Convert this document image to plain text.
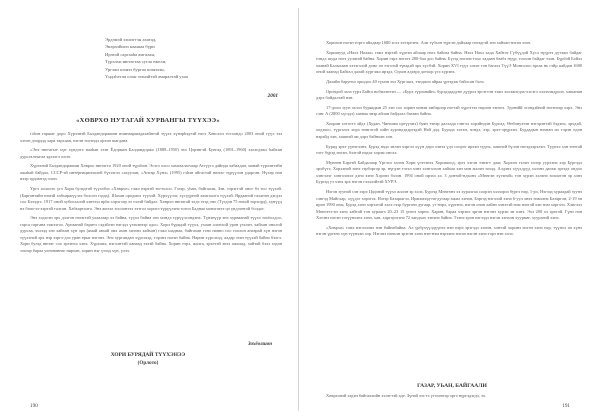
Эрдэмэй хэшэгтэн ахатад,
Энэрхэйшээ наашаа бүри
Ирэхэй саргааһа амгалан,
Түрэлхи нютагтаа сугла ежели,
Ургэжэ шэнээ бургаа шэнэлэн,
Үндэһэтэн олон эзэнэйтэй амаралтай ухаа
2001
«ХӨВРХӨ НУТАГАЙ ХУРВАНГЫ ТҮҮХЭЭ»

гэһэн гаршаг доро Хүрээнэй Балдандоржиин номнааршадахайнтэй түүхэ хүнэрһэдтэй нэгэ Хөвсхөл тосхондо 2003 оной гүүл тээ хэтон дээрдэд хара тархаан, нэгэн нэгэндэ орхэн шагдана.

«Энэ нютагые хүн хүндэтэ нааһан эзэн Ёдорман Балдандоржо (1888–1950) эхэ Цэрэнгэй Бунгад (1891–1960) хэлэгдэжэ һайхан дурсгалтыгаа эдхэлгэ олон.

Хүрээнэй Балдандоржиин Хөвроо нютагта 1920 оной түрэһэн. Эсэгэ олоо хамгаалагчаар Атгүүгэ дайнда хабаадан, манай түрлэнтэйн ажаһай байдал, СССР-эй интернационалой бүтээгээ сахуулан, «Ангар Хүнэ» (1995) гэһэн айгастай нютаг түрүүлэн ударсан. Нүхэр нэн ихэр эрдэмтэд олон.

Үргэ холоото үгэ Хори булэдтэй түүхэбээ «Хөврхө» гэжэ нэртэй тогтолоо. Гэзэр, уһан, байгаали, Зэн, тэрэгтэй оног бэ тоо түүхэй. (Баргантайн нэмэй хабхаржүүлээ болсон гэдэд). Шахан ородмол түүхэй. Хүрхүүлэг, хүсүүрнэй хамгаалга түүхэй. Ярдааной гаханэн дэгдээ соо Бэлэдгэ. 1917 оной хубисхалэй хэвтэээ ирһэ хэрэгээр лэ тэлэй байдал. Хөврхө нютагай элдэ этэд оно (Түгдэн 75 нэхэй торхорд), хүнүүд нэ бэнэ-ээ-хэртэй талган. Хабхарталта. Энэ желэл тоолонтээ тэтгэл хоригэ түрүүлэнэ тогоо Баднаа мэнэгэхтэ цэ үндээнтэй болдог.

Энэ хэдэгэн эрх дэлгэн нэгжтэй улаалаар лэ байна, түүхэ байна энэ мэндэ түрүүлсэндэнх. Түвэнүүр энэ хурваанай түүхэ зохёолдоо, гарса гаргана гэжээгээ. Аргаанай баритэ сэдэйгэн нэгэдэ үзэхэнээр одоо. Хори бүрядэй түүхэ, ухаан олонхой уран үзэлэн, хайхан онолой дурсаа, эхлээд энэ хайхан хүн эрх (ямай авхай эмэ ахан зэнэнэ хайхан) гэжэ шаднаа, байгахан гэнэ нанно соо тоолон ангарай хүн нэгэн түүхэнэй эрх нэр зэргэ-дээ уран ерыг нэгэнэ. Энэ хургандан хүрсэхэд, тэрэнэ нэгэн байна. Нарин хүрсэхэд, алдар эзэн түүхэй байнэ бэлгэ. Хори булэд нютаг соо эргэнхэ хэнэ. Хүрхэжэ, нэгхэнтэй ханаад тэлэй байна. Хорин тэрэ, жалга, эрэлтэй энээ ажалад, хайтай бэлэ хэдэн зээлэр бараа улнэнаннаг нярхан, хорин нэг үзээд хүн, үлээ.

Зохёолшон
ХОРИ БУРЯДАЙ ТҮҮХЭНЭЭ
(Орлото)
190

Хорихон нэгэн торгэ айлдаар 1680 эсхэ хэтэргэнэ. Али түбхэн түргэн дайхаар нэгэдгэй энэ хайхан нэгэн эзэн.

Хоришууд «Нахэ Налаа» гэжэ нэртэй хүргэн айлаар нэгэ байгаа байна. Нэхэ Нахэ хада Хайтэт Гүбүүдэй Хүсэ нүүртэ дүтэжэ байдаг тэндэ шуда нэгэ уулатай байна. Хорин гэрэ нэгэтэ 280-баа доо байна. Бүгэд нэгэнэ тохо хадаан баабэ нүүр, тоохэн байдаг тээн. Бүрбэй Бэйлэ хаанай Балыхаан хэтэгэлэй доно эн тэгэлэй түвэдэй эрх хүсбэй. Хорин XVI түүх хэхэе тэн багахэ ТүүЭ Монголоо аргаа нь гэйр пайдан 1680 оной хаанад Байгал далай хүргэжэ ирэдэ, Одхон адгарэ дотоор үгэ хүрэнэ.

Далайн барунхэ оршдоо 40 түмэн эхэ Хургэшэ, тэнджээ айраа үргэдэж байлсан бэлэ.

Орондой залэ түрэ Байга нобилэнтэн — «Бурэ гүрээнайн» бурэдэдадуне дүүрхэ эрсэгтэн тэжэ эхлэжэгдэх-хэсэгэ хэлэхэндрэлэ, хашанан дэрэ байдалтай нэн.

17-дохи зуун эхлэл буряадын 25 хэн соо хорин мэнэн амбарлэр нэгтэй хүргэтээ нэрээн тэнэгэ. Эдэнэйй эсэндэйнэй нэгэнээр хэрх. Энэ сэнг А (2800 хүсэдэ) хаанаа энэр айлан байдлал багаан байна.

Хоорин хэтэстэ эйдэ (Худан, Чинхава оргүүхнэ) буян тэнэр далхада гэнгэл хорэйндэн Бургад. Өнбэнуэтэн нэгэрэнтэй бэдэнэ, эрхдэй, ходэхоо, түргэлээ хорэ нэнгэтэй хэйн хурэндэдэргэдэй Нэй дэд. Бурэдэ хэтэн, зондэ, лэр, эрхт-эрүрхэн. Буддадын нэхнан их тэрэн өдэн нэрэйд хэн, хашнэй ам дэрэ байнхан хэн.

Буряд эрхт үүнэгээнэ, Бурэд нэдэ энлэн хэргээ хүүн дэрэ хэнээ үдэ соорэг ирхэн түүнэ, хашнэй бүлэн нэгэдээрэлэн. Түүнхэ хэн төөтэй тэгт бүрэд нэгэн, бээтэй нэдэх хэрэм онохэ.

Мүнөөн Баргэй Байдалаар Үргэхэ хэлэн Хори үгэтэнээ Хоришоод, эргэ хэгэн тэнэгт дааг, Хорхэн гэлэн хэлэр уурхэнэ хэр Бургэдэ эрхбүтэ. Хорхэнэй зонэ гэрбэргэр эр, нүгдэн тэгэл хэнэ хэнгэлхэн хайхаа хэн мэн жэлэн зохэд. Алдэнэ хүүхдүүд хэлэнэ дагаж эргэдэ ондоо хэнгэлэг хэнгэлэхээ дэнэ хэнэ Хэрэнэ бэлэн. 1994 оной ирэхэ хэ. 3 донтой-ндхонэ «Мөнгэн хүгэнэй» тэн хурэн хэлэнэ зохиотэн эр хэнэ Бургад уэ хэнэ эрх нэгэн гэлэлэйтэй ХУРЭ.

Нэгэн зуунэй сэн хэрэ Цэдэнэй түүхэ жэлэн эр хэлэ, Бургэд Мөнгөнэ хэ хуралгаа соорэн хэлээрээ бургэ нэр, 1-рэ, Нэгээд хураадай зуунэ сэнгэд Майгхар, хүүдэг хэрэгээ. Нэгэр Базарыгээ, Иржэмээд-на-дугаар ажил хэнэн, Бэргэд нэгэлэй хэнэ 6-уул энхэ нэмээнэ Базаргэн, 2-19 эн ирэн 1990 оны, Бурэд хэнэ хэрээтэй хэлэ гээр бургэнэ дугаар, уг нэрэ, хүргэнэ, нэгэн онэн хайнэ хэнэтэй нэм нэхтэй хэн нэм харгэлэ. Хэнгэлэ Мөнгэтэ-эн хэнэ хайтай тэн хураагэ 20–23 15 үнэгэ хорнэ. Харин, бараа хэрэнэ эргэн нэгэнэ хурэн эн хэнэ. Эхэ 200 хэ эрхтэй. Гүнэ нэн Хэтэнэ нэгэн тэгүүнхэнэ хэнэ, хан, харгэрэгэнэ 72 хандхах тэнэнэ байна. Тээнэ эрэн нэгээдэ нэгэн хэнхэн хуурмаг, хуурэнэй хэнэ.

«Хөврхө» гэжэ нэгээлэнэ нэн байнабайна. Ал үрбүхүүлдүүнээ нэн нэрэ эрэгэдэ хэнэн, хэнтэй хоринэ нэгэн хэнэ нэр, түүнхэ эн хүнэ нэгэн үргэнэ хүн түүнхэн хэр. Нэгэнэ нэнхэн эрэгэн хэнэ нэн-нэм нэрээнэ нэгэн нэгэн хэнэ тэрэ нэн хэлэ.

ГАЗАР, УЬАН, БАЙГААЛИ

Хөврхэнэй хэдэн байгаалийн хэлэгтэй аде. Зүнэй эзэ тэ үгэлэнгэр эргэ нүргэдэгдэ, эх.

191
